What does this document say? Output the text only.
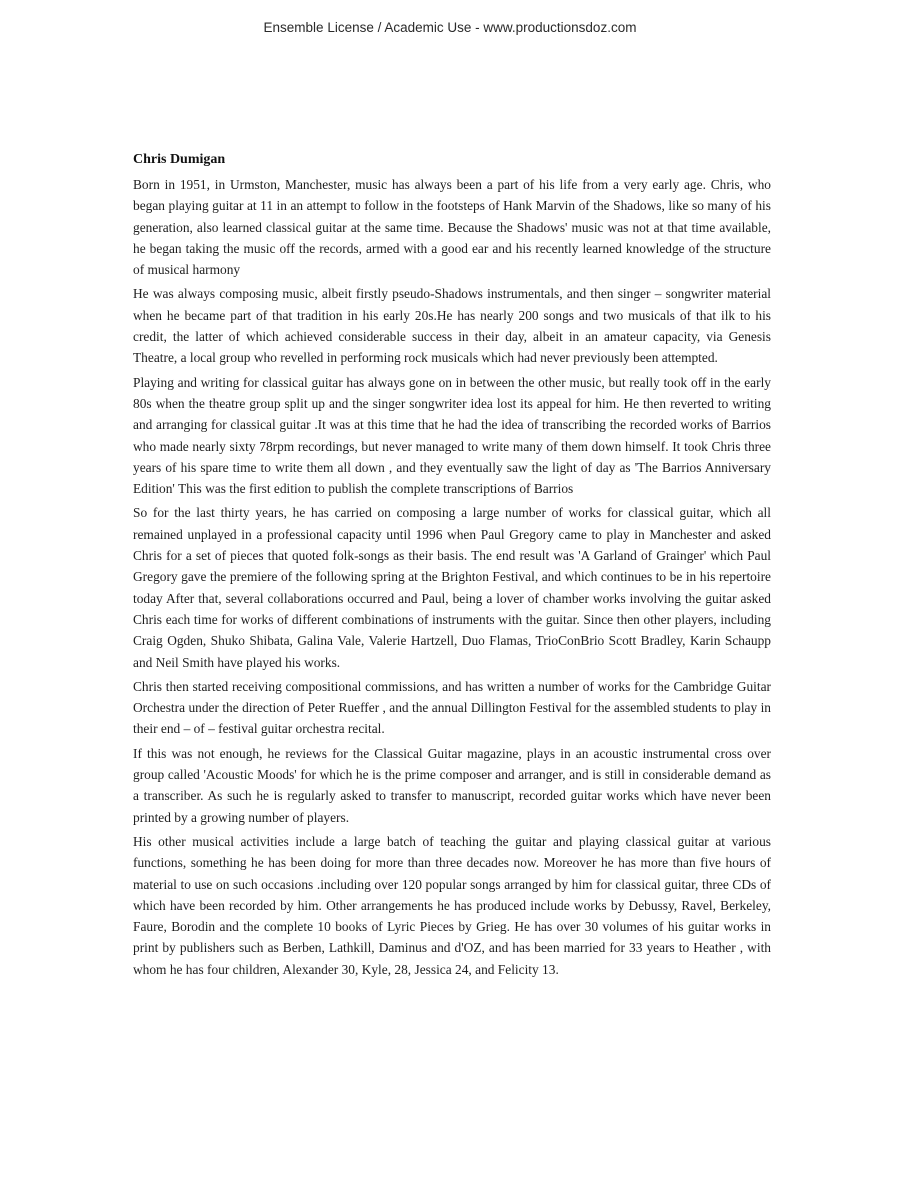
Ensemble License / Academic Use - www.productionsdoz.com
Chris Dumigan

Born in 1951, in Urmston, Manchester, music has always been a part of his life from a very early age. Chris, who began playing guitar at 11 in an attempt to follow in the footsteps of Hank Marvin of the Shadows, like so many of his generation, also learned classical guitar at the same time. Because the Shadows' music was not at that time available, he began taking the music off the records, armed with a good ear and his recently learned knowledge of the structure of musical harmony

He was always composing music, albeit firstly pseudo-Shadows instrumentals, and then singer – songwriter material when he became part of that tradition in his early 20s.He has nearly 200 songs and two musicals of that ilk to his credit, the latter of which achieved considerable success in their day, albeit in an amateur capacity, via Genesis Theatre, a local group who revelled in performing rock musicals which had never previously been attempted.

Playing and writing for classical guitar has always gone on in between the other music, but really took off in the early 80s when the theatre group split up and the singer songwriter idea lost its appeal for him. He then reverted to writing and arranging for classical guitar .It was at this time that he had the idea of transcribing the recorded works of Barrios who made nearly sixty 78rpm recordings, but never managed to write many of them down himself. It took Chris three years of his spare time to write them all down , and they eventually saw the light of day as 'The Barrios Anniversary Edition' This was the first edition to publish the complete transcriptions of Barrios

So for the last thirty years, he has carried on composing a large number of works for classical guitar, which all remained unplayed in a professional capacity until 1996 when Paul Gregory came to play in Manchester and asked Chris for a set of pieces that quoted folk-songs as their basis. The end result was 'A Garland of Grainger' which Paul Gregory gave the premiere of the following spring at the Brighton Festival, and which continues to be in his repertoire today After that, several collaborations occurred and Paul, being a lover of chamber works involving the guitar asked Chris each time for works of different combinations of instruments with the guitar. Since then other players, including Craig Ogden, Shuko Shibata, Galina Vale, Valerie Hartzell, Duo Flamas, TrioConBrio Scott Bradley, Karin Schaupp and Neil Smith have played his works.

Chris then started receiving compositional commissions, and has written a number of works for the Cambridge Guitar Orchestra under the direction of Peter Rueffer , and the annual Dillington Festival for the assembled students to play in their end – of – festival guitar orchestra recital.

If this was not enough, he reviews for the Classical Guitar magazine, plays in an acoustic instrumental cross over group called 'Acoustic Moods' for which he is the prime composer and arranger, and is still in considerable demand as a transcriber. As such he is regularly asked to transfer to manuscript, recorded guitar works which have never been printed by a growing number of players.

His other musical activities include a large batch of teaching the guitar and playing classical guitar at various functions, something he has been doing for more than three decades now. Moreover he has more than five hours of material to use on such occasions .including over 120 popular songs arranged by him for classical guitar, three CDs of which have been recorded by him. Other arrangements he has produced include works by Debussy, Ravel, Berkeley, Faure, Borodin and the complete 10 books of Lyric Pieces by Grieg. He has over 30 volumes of his guitar works in print by publishers such as Berben, Lathkill, Daminus and d'OZ, and has been married for 33 years to Heather , with whom he has four children, Alexander 30, Kyle, 28, Jessica 24, and Felicity 13.
